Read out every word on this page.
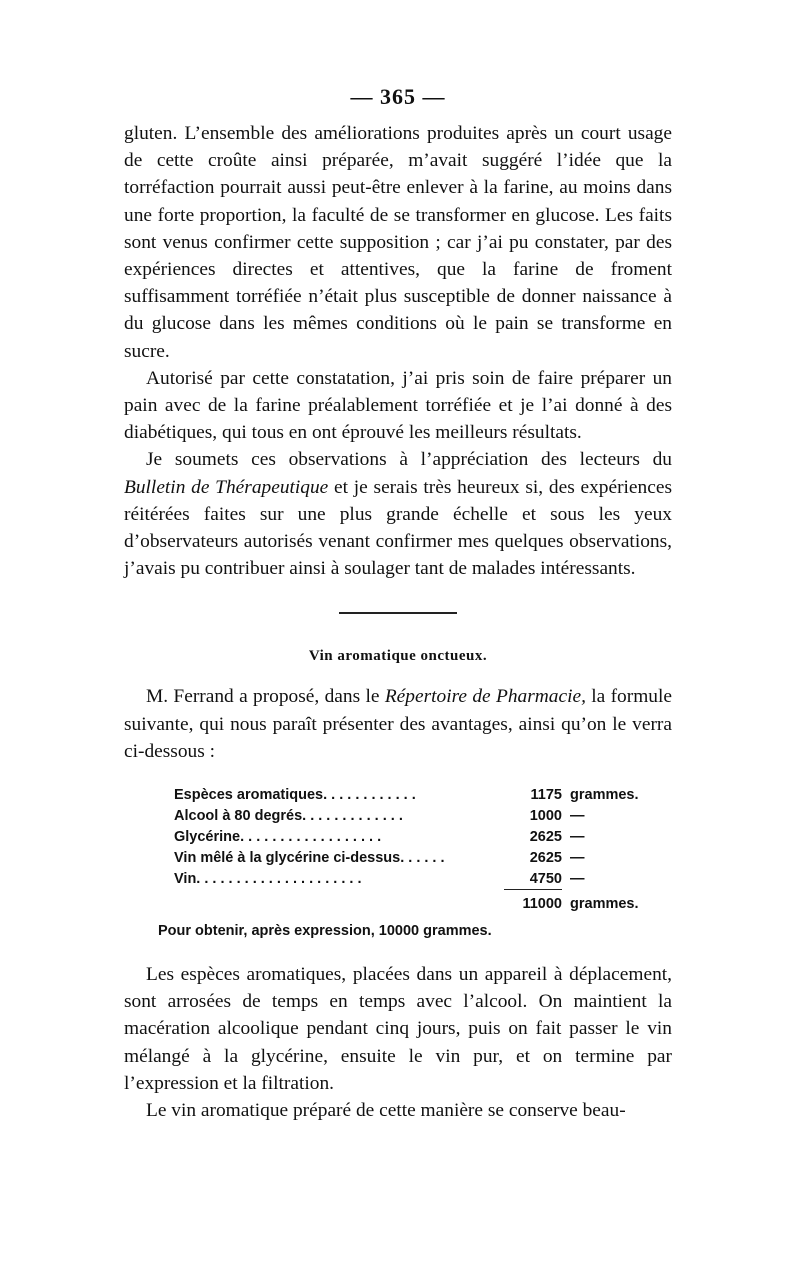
— 365 —

gluten. L’ensemble des améliorations produites après un court usage de cette croûte ainsi préparée, m’avait suggéré l’idée que la torréfaction pourrait aussi peut-être enlever à la farine, au moins dans une forte proportion, la faculté de se transformer en glucose. Les faits sont venus confirmer cette supposition ; car j’ai pu constater, par des expériences directes et attentives, que la farine de froment suffisamment torréfiée n’était plus susceptible de donner naissance à du glucose dans les mêmes conditions où le pain se transforme en sucre.

Autorisé par cette constatation, j’ai pris soin de faire préparer un pain avec de la farine préalablement torréfiée et je l’ai donné à des diabétiques, qui tous en ont éprouvé les meilleurs résultats.

Je soumets ces observations à l’appréciation des lecteurs du Bulletin de Thérapeutique et je serais très heureux si, des expériences réitérées faites sur une plus grande échelle et sous les yeux d’observateurs autorisés venant confirmer mes quelques observations, j’avais pu contribuer ainsi à soulager tant de malades intéressants.

Vin aromatique onctueux.

M. Ferrand a proposé, dans le Répertoire de Pharmacie, la formule suivante, qui nous paraît présenter des avantages, ainsi qu’on le verra ci-dessous :

Espèces aromatiques. . . . . . . . . . . .	1175 grammes.
Alcool à 80 degrés. . . . . . . . . . . . .	1000 —
Glycérine. . . . . . . . . . . . . . . . . .	2625 —
Vin mêlé à la glycérine ci-dessus. . . . . .	2625 —
Vin. . . . . . . . . . . . . . . . . . . . .	4750 —
11000 grammes.
Pour obtenir, après expression, 10000 grammes.

Les espèces aromatiques, placées dans un appareil à déplacement, sont arrosées de temps en temps avec l’alcool. On maintient la macération alcoolique pendant cinq jours, puis on fait passer le vin mélangé à la glycérine, ensuite le vin pur, et on termine par l’expression et la filtration.

Le vin aromatique préparé de cette manière se conserve beau-
